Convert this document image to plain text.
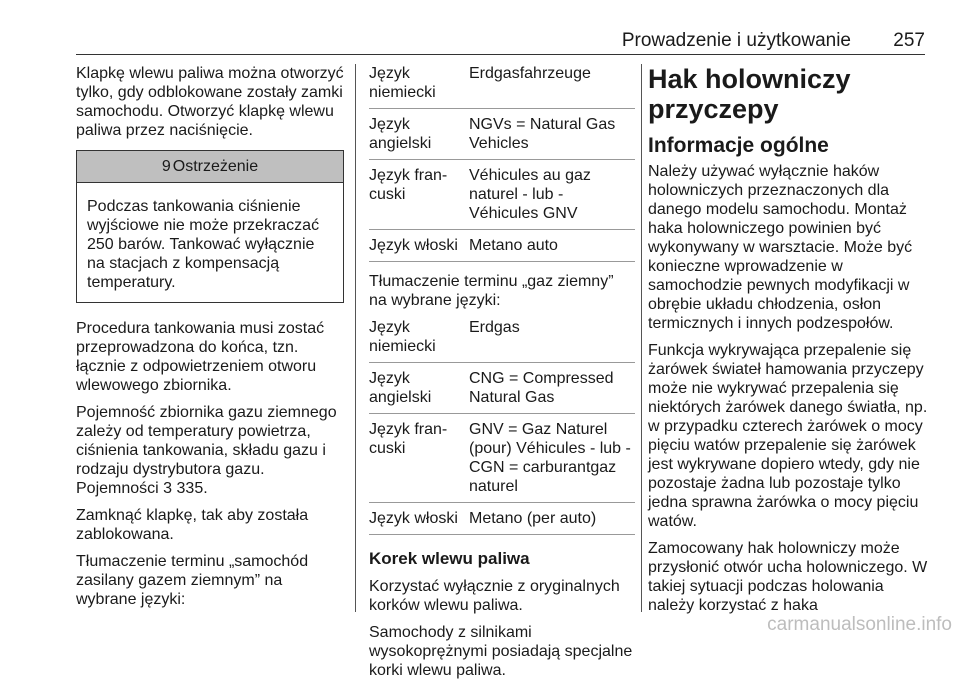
Prowadzenie i użytkowanie 257

Klapkę wlewu paliwa można otworzyć tylko, gdy odblokowane zostały zamki samochodu. Otworzyć klapkę wlewu paliwa przez naciśnięcie.

9 Ostrzeżenie
Podczas tankowania ciśnienie wyjściowe nie może przekraczać 250 barów. Tankować wyłącznie na stacjach z kompensacją temperatury.

Procedura tankowania musi zostać przeprowadzona do końca, tzn. łącznie z odpowietrzeniem otworu wlewowego zbiornika.

Pojemność zbiornika gazu ziemnego zależy od temperatury powietrza, ciśnienia tankowania, składu gazu i rodzaju dystrybutora gazu. Pojemności 3 335.

Zamknąć klapkę, tak aby została zablokowana.

Tłumaczenie terminu „samochód zasilany gazem ziemnym” na wybrane języki:

Język niemiecki	Erdgasfahrzeuge
Język angielski	NGVs = Natural Gas Vehicles
Język fran-cuski	Véhicules au gaz naturel - lub - Véhicules GNV
Język włoski	Metano auto

Tłumaczenie terminu „gaz ziemny” na wybrane języki:

Język niemiecki	Erdgas
Język angielski	CNG = Compressed Natural Gas
Język fran-cuski	GNV = Gaz Naturel (pour) Véhicules - lub - CGN = carburantgaz naturel
Język włoski	Metano (per auto)
Korek wlewu paliwa

Korzystać wyłącznie z oryginalnych korków wlewu paliwa.

Samochody z silnikami wysokoprężnymi posiadają specjalne korki wlewu paliwa.

Hak holowniczy przyczepy
Informacje ogólne

Należy używać wyłącznie haków holowniczych przeznaczonych dla danego modelu samochodu. Montaż haka holowniczego powinien być wykonywany w warsztacie. Może być konieczne wprowadzenie w samochodzie pewnych modyfikacji w obrębie układu chłodzenia, osłon termicznych i innych podzespołów.

Funkcja wykrywająca przepalenie się żarówek świateł hamowania przyczepy może nie wykrywać przepalenia się niektórych żarówek danego światła, np. w przypadku czterech żarówek o mocy pięciu watów przepalenie się żarówek jest wykrywane dopiero wtedy, gdy nie pozostaje żadna lub pozostaje tylko jedna sprawna żarówka o mocy pięciu watów.

Zamocowany hak holowniczy może przysłonić otwór ucha holowniczego. W takiej sytuacji podczas holowania należy korzystać z haka

carmanualsonline.info
